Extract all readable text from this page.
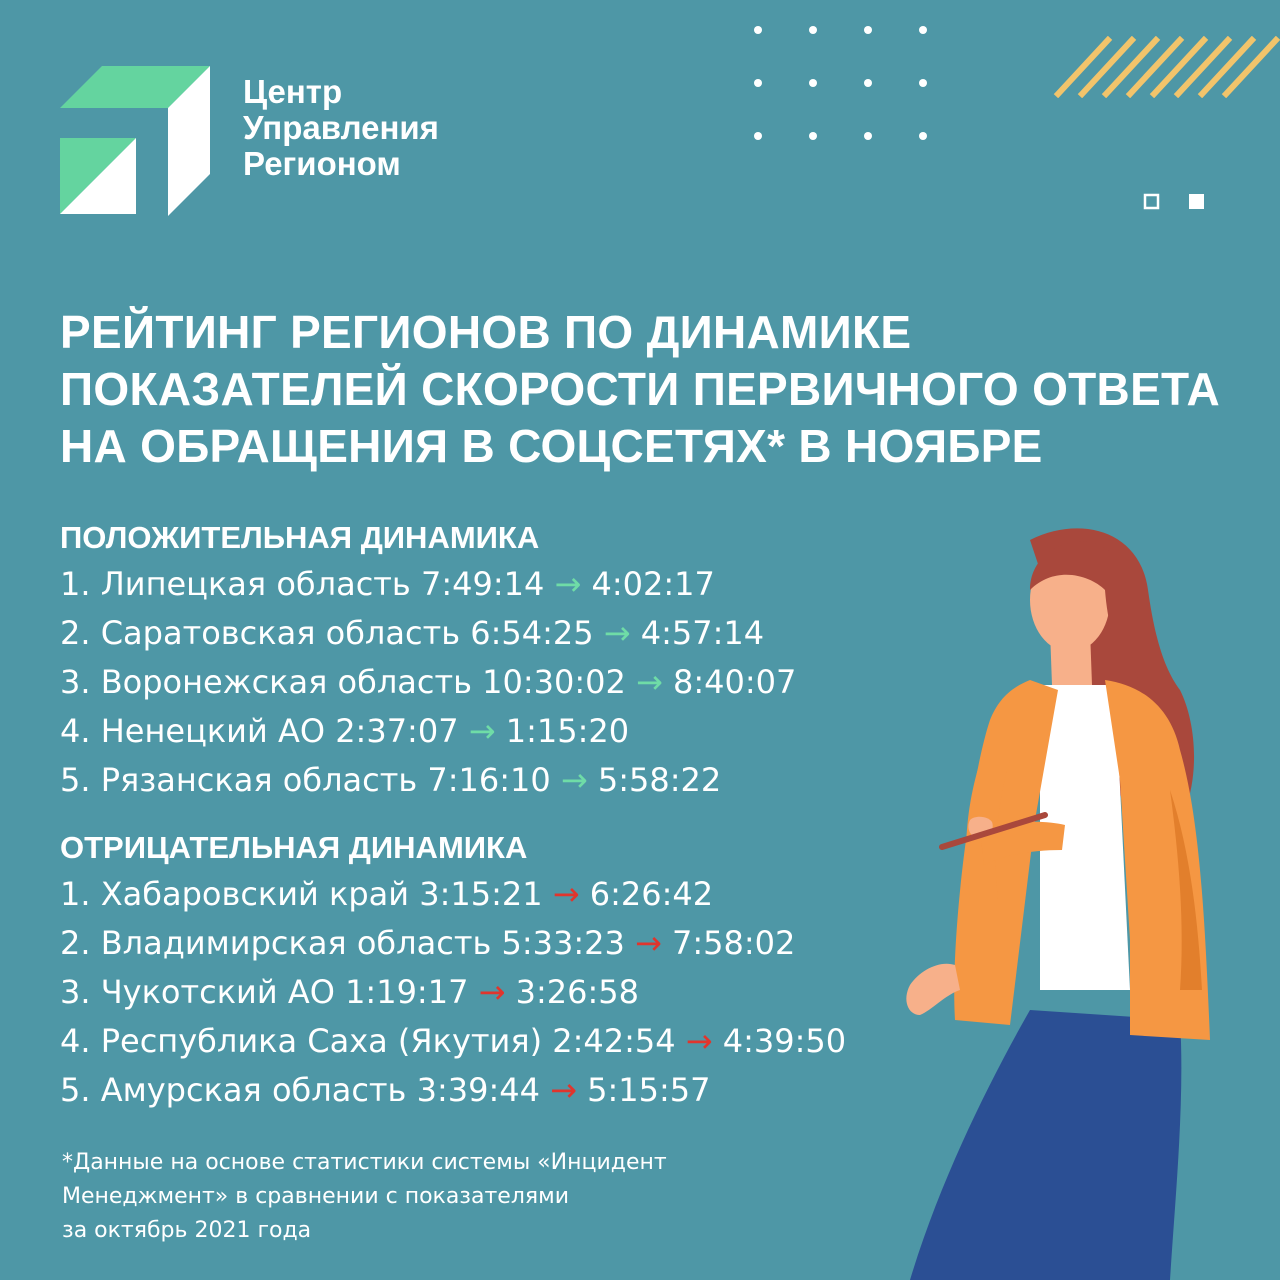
Центр
Управления
Регионом
РЕЙТИНГ РЕГИОНОВ ПО ДИНАМИКЕ
ПОКАЗАТЕЛЕЙ СКОРОСТИ ПЕРВИЧНОГО ОТВЕТА
НА ОБРАЩЕНИЯ В СОЦСЕТЯХ* В НОЯБРЕ
ПОЛОЖИТЕЛЬНАЯ ДИНАМИКА
1. Липецкая область 7:49:14 → 4:02:17
2. Саратовская область 6:54:25 → 4:57:14
3. Воронежская область 10:30:02 → 8:40:07
4. Ненецкий АО 2:37:07 → 1:15:20
5. Рязанская область 7:16:10 → 5:58:22
ОТРИЦАТЕЛЬНАЯ ДИНАМИКА
1. Хабаровский край 3:15:21 → 6:26:42
2. Владимирская область 5:33:23 → 7:58:02
3. Чукотский АО 1:19:17 → 3:26:58
4. Республика Саха (Якутия) 2:42:54 → 4:39:50
5. Амурская область 3:39:44 → 5:15:57
*Данные на основе статистики системы «Инцидент
Менеджмент» в сравнении с показателями
за октябрь 2021 года
